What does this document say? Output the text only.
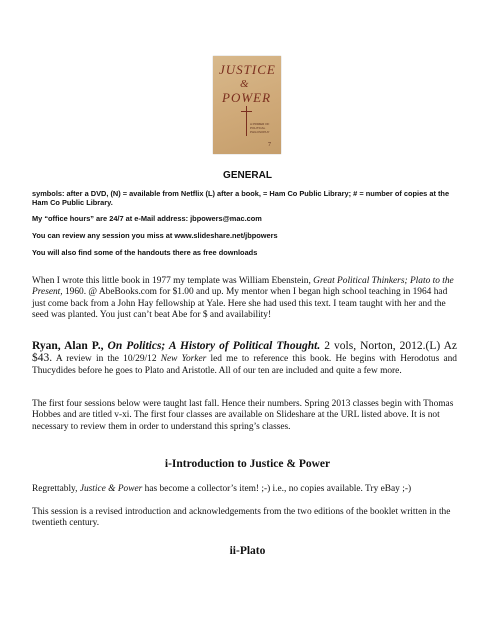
JUSTICE
&
POWER
A PRIMER OF POLITICAL PHILOSOPHY
7
GENERAL
symbols: after a DVD, (N) = available from Netflix (L) after a book, = Ham Co Public Library; # = number of copies at the Ham Co Public Library.
My “office hours” are 24/7 at e-Mail address: jbpowers@mac.com
You can review any session you miss at www.slideshare.net/jbpowers
You will also find some of the handouts there as free downloads
When I wrote this little book in 1977 my template was William Ebenstein, Great Political Thinkers; Plato to the Present, 1960. @ AbeBooks.com for $1.00 and up. My mentor when I began high school teaching in 1964 had just come back from a John Hay fellowship at Yale. Here she had used this text. I team taught with her and the seed was planted. You just can’t beat Abe for $ and availability!
Ryan, Alan P., On Politics; A History of Political Thought. 2 vols, Norton, 2012.(L) Az $43. A review in the 10/29/12 New Yorker led me to reference this book. He begins with Herodotus and Thucydides before he goes to Plato and Aristotle. All of our ten are included and quite a few more.
The first four sessions below were taught last fall. Hence their numbers. Spring 2013 classes begin with Thomas Hobbes and are titled v-xi. The first four classes are available on Slideshare at the URL listed above. It is not necessary to review them in order to understand this spring’s classes.
i-Introduction to Justice & Power
Regrettably, Justice & Power has become a collector’s item! ;-) i.e., no copies available. Try eBay ;-)
This session is a revised introduction and acknowledgements from the two editions of the booklet written in the twentieth century.
ii-Plato
